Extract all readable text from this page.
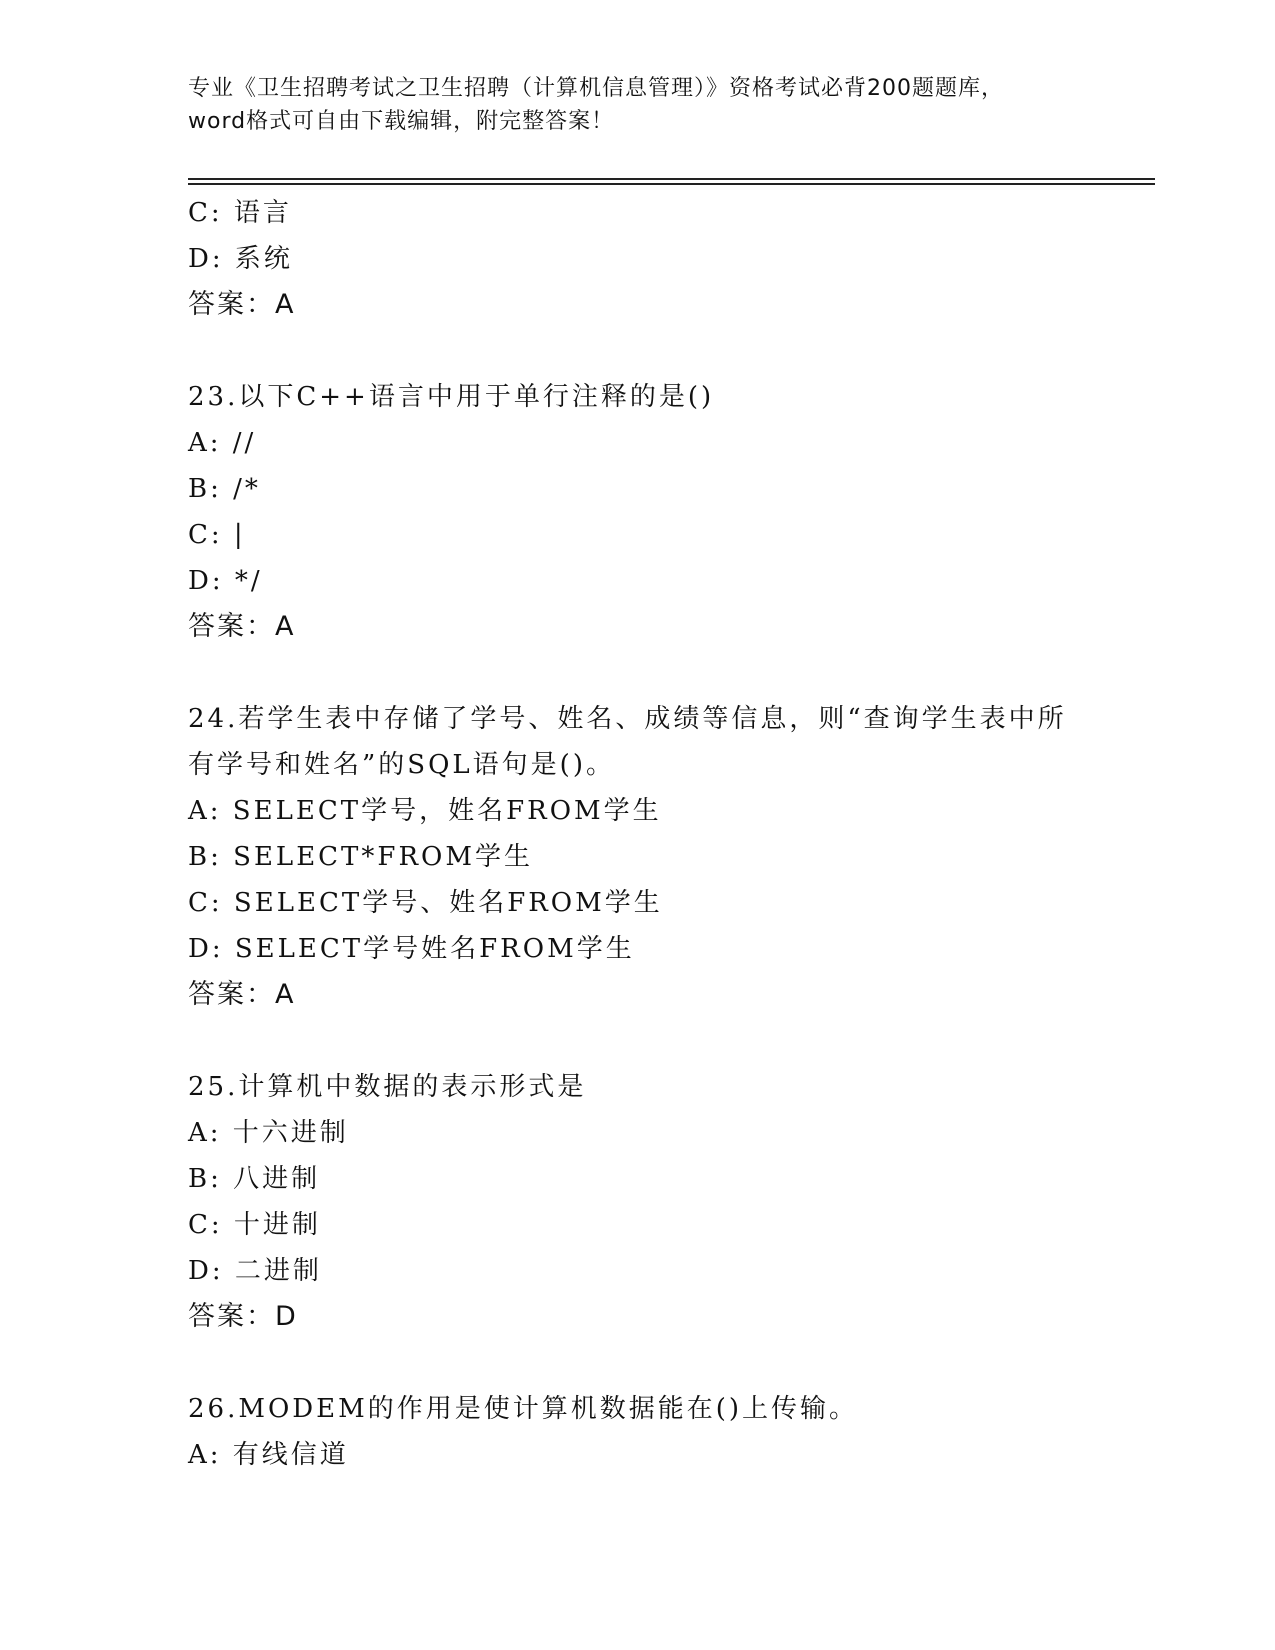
专业《卫生招聘考试之卫生招聘（计算机信息管理）》资格考试必背200题题库，
word格式可自由下载编辑，附完整答案！
C: 语言
D: 系统
答案：A
23.以下C++语言中用于单行注释的是()
A: //
B: /*
C: |
D: */
答案：A
24.若学生表中存储了学号、姓名、成绩等信息，则“查询学生表中所
有学号和姓名”的SQL语句是()。
A: SELECT学号，姓名FROM学生
B: SELECT*FROM学生
C: SELECT学号、姓名FROM学生
D: SELECT学号姓名FROM学生
答案：A
25.计算机中数据的表示形式是
A: 十六进制
B: 八进制
C: 十进制
D: 二进制
答案：D
26.MODEM的作用是使计算机数据能在()上传输。
A: 有线信道
